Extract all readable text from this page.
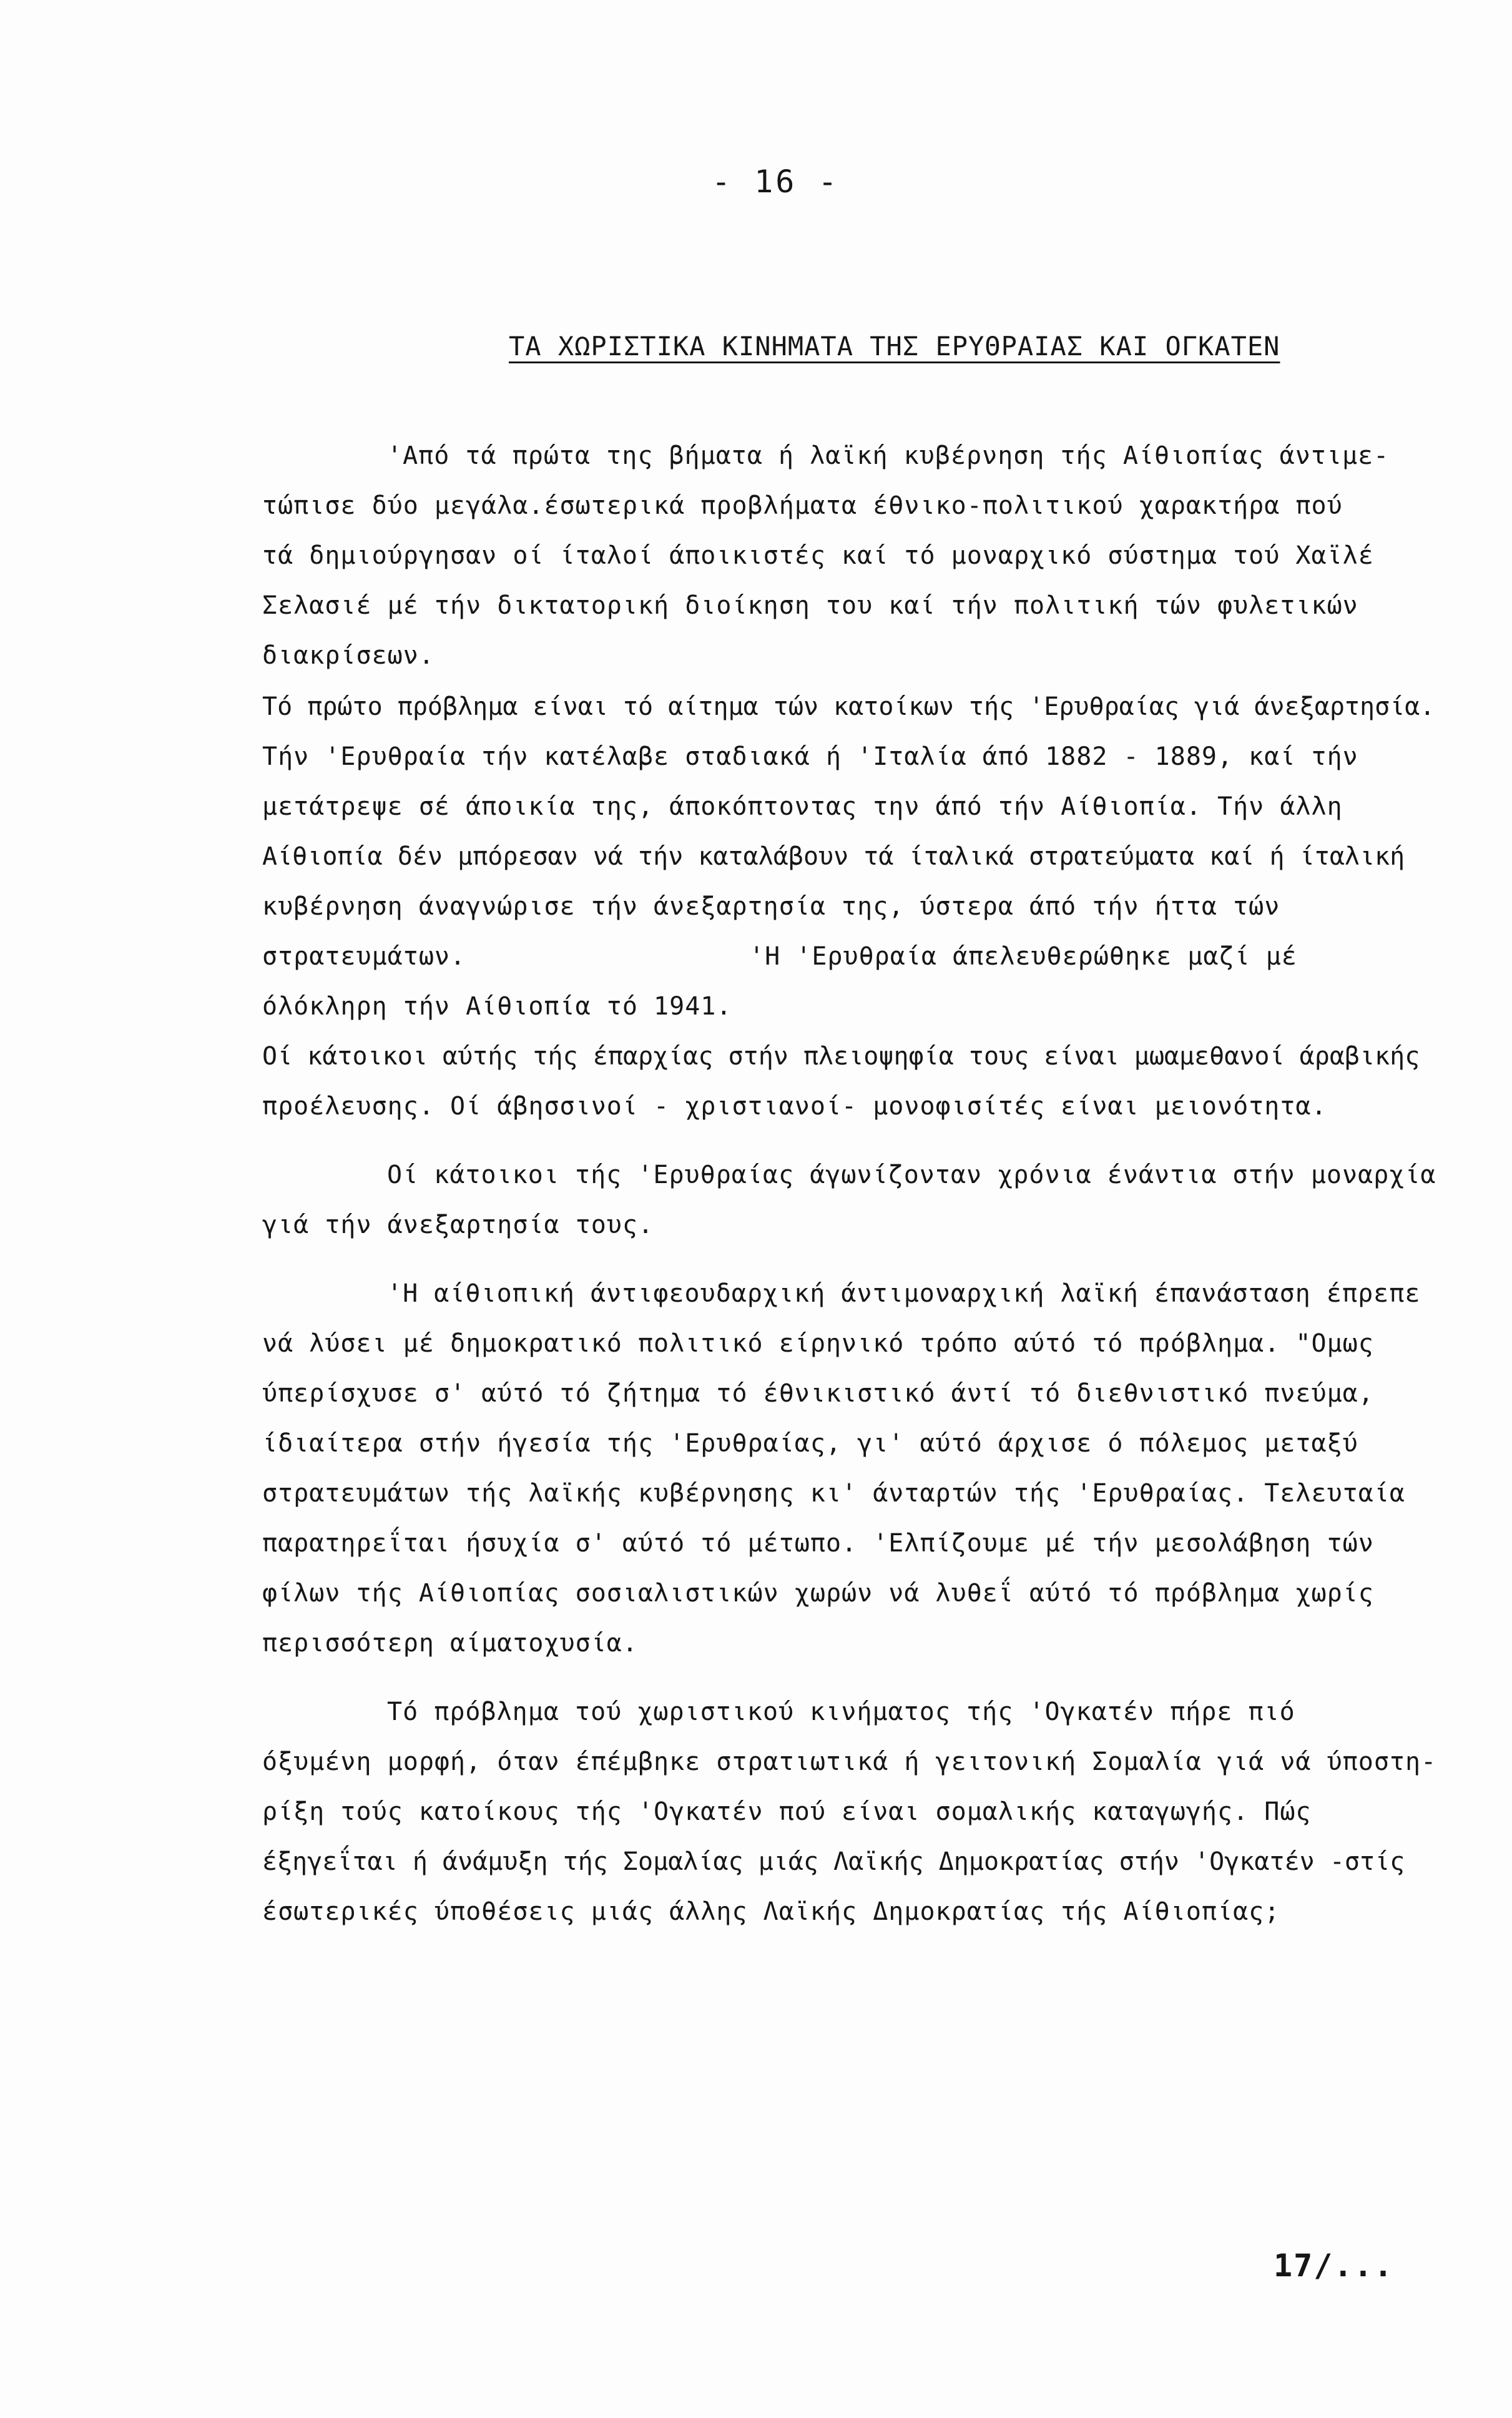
- 16 -
ΤΑ ΧΩΡΙΣΤΙΚΑ ΚΙΝΗΜΑΤΑ ΤΗΣ ΕΡΥΘΡΑΙΑΣ ΚΑΙ ΟΓΚΑΤΕΝ
'Από τά πρώτα της βήματα ή λαϊκή κυβέρνηση τής Αίθιοπίας άντιμε-
τώπισε δύο μεγάλα.έσωτερικά προβλήματα έθνικο-πολιτικού χαρακτήρα πού
τά δημιούργησαν οί ίταλοί άποικιστές καί τό μοναρχικό σύστημα τού Χαϊλέ
Σελασιέ μέ τήν δικτατορική διοίκηση του καί τήν πολιτική τών φυλετικών
διακρίσεων.
Τό πρώτο πρόβλημα είναι τό αίτημα τών κατοίκων τής 'Ερυθραίας γιά άνεξαρτησία.
Τήν 'Ερυθραία τήν κατέλαβε σταδιακά ή 'Ιταλία άπό 1882 - 1889, καί τήν
μετάτρεψε σέ άποικία της, άποκόπτοντας την άπό τήν Αίθιοπία. Τήν άλλη
Αίθιοπία δέν μπόρεσαν νά τήν καταλάβουν τά ίταλικά στρατεύματα καί ή ίταλική
κυβέρνηση άναγνώρισε τήν άνεξαρτησία της, ύστερα άπό τήν ήττα τών
στρατευμάτων.	'Η 'Ερυθραία άπελευθερώθηκε μαζί μέ
όλόκληρη τήν Αίθιοπία τό 1941.
Οί κάτοικοι αύτής τής έπαρχίας στήν πλειοψηφία τους είναι μωαμεθανοί άραβικής
προέλευσης. Οί άβησσινοί - χριστιανοί- μονοφισίτές είναι μειονότητα.
Οί κάτοικοι τής 'Ερυθραίας άγωνίζονταν χρόνια ένάντια στήν μοναρχία
γιά τήν άνεξαρτησία τους.
'Η αίθιοπική άντιφεουδαρχική άντιμοναρχική λαϊκή έπανάσταση έπρεπε
νά λύσει μέ δημοκρατικό πολιτικό είρηνικό τρόπο αύτό τό πρόβλημα. "Ομως
ύπερίσχυσε σ' αύτό τό ζήτημα τό έθνικιστικό άντί τό διεθνιστικό πνεύμα,
ίδιαίτερα στήν ήγεσία τής 'Ερυθραίας, γι' αύτό άρχισε ό πόλεμος μεταξύ
στρατευμάτων τής λαϊκής κυβέρνησης κι' άνταρτών τής 'Ερυθραίας. Τελευταία
παρατηρεΐται ήσυχία σ' αύτό τό μέτωπο. 'Ελπίζουμε μέ τήν μεσολάβηση τών
φίλων τής Αίθιοπίας σοσιαλιστικών χωρών νά λυθεΐ αύτό τό πρόβλημα χωρίς
περισσότερη αίματοχυσία.
Τό πρόβλημα τού χωριστικού κινήματος τής 'Ογκατέν πήρε πιό
όξυμένη μορφή, όταν έπέμβηκε στρατιωτικά ή γειτονική Σομαλία γιά νά ύποστη-
ρίξη τούς κατοίκους τής 'Ογκατέν πού είναι σομαλικής καταγωγής. Πώς
έξηγεΐται ή άνάμυξη τής Σομαλίας μιάς Λαϊκής Δημοκρατίας στήν 'Ογκατέν -στίς
έσωτερικές ύποθέσεις μιάς άλλης Λαϊκής Δημοκρατίας τής Αίθιοπίας;
17/...
